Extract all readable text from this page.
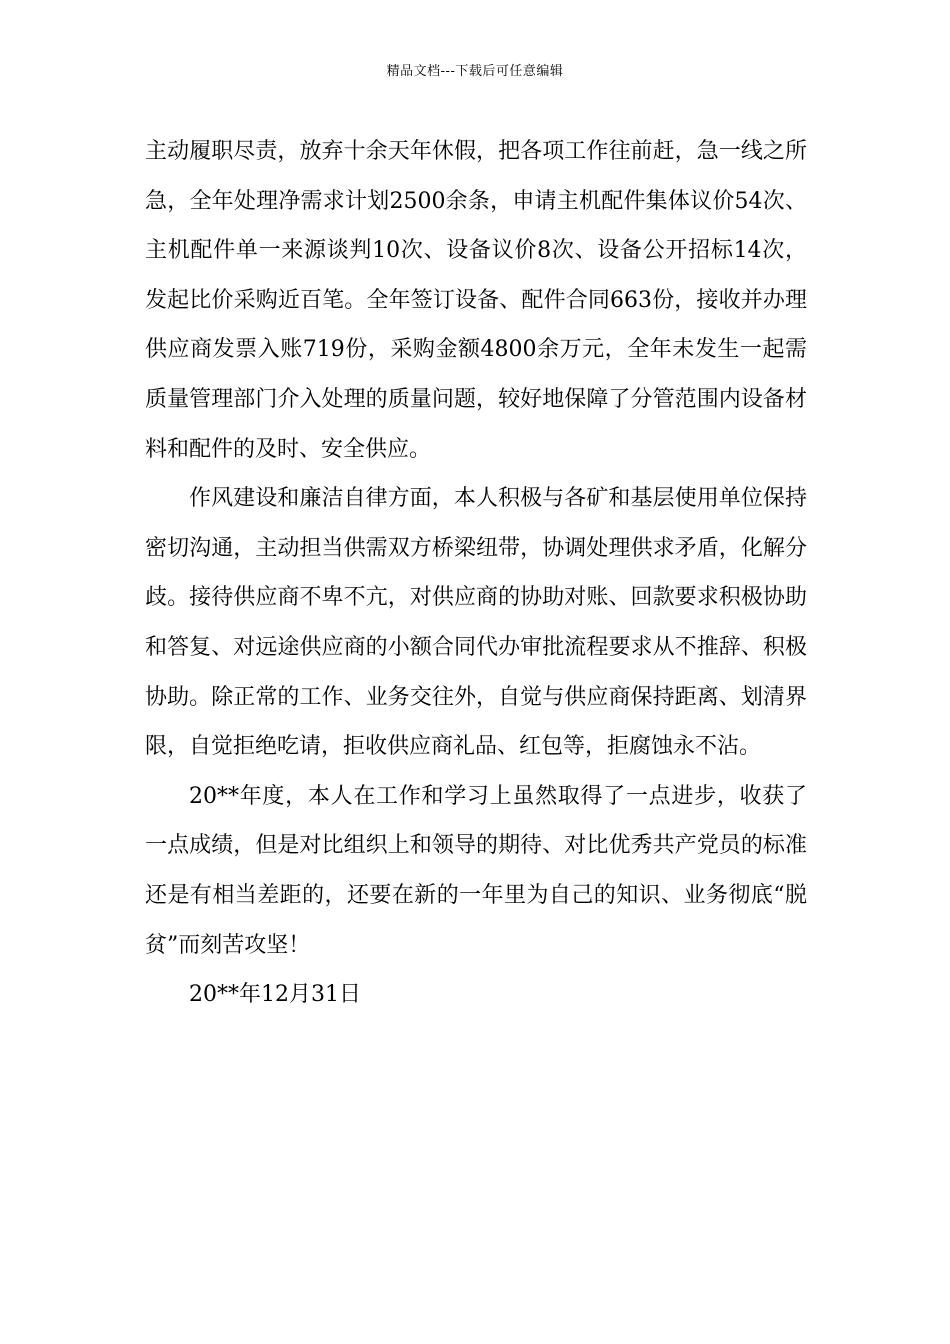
精品文档---下载后可任意编辑

主动履职尽责，放弃十余天年休假，把各项工作往前赶，急一线之所急，全年处理净需求计划2500余条，申请主机配件集体议价54次、主机配件单一来源谈判10次、设备议价8次、设备公开招标14次，发起比价采购近百笔。全年签订设备、配件合同663份，接收并办理供应商发票入账719份，采购金额4800余万元，全年未发生一起需质量管理部门介入处理的质量问题，较好地保障了分管范围内设备材料和配件的及时、安全供应。

作风建设和廉洁自律方面，本人积极与各矿和基层使用单位保持密切沟通，主动担当供需双方桥梁纽带，协调处理供求矛盾，化解分歧。接待供应商不卑不亢，对供应商的协助对账、回款要求积极协助和答复、对远途供应商的小额合同代办审批流程要求从不推辞、积极协助。除正常的工作、业务交往外，自觉与供应商保持距离、划清界限，自觉拒绝吃请，拒收供应商礼品、红包等，拒腐蚀永不沾。

20**年度，本人在工作和学习上虽然取得了一点进步，收获了一点成绩，但是对比组织上和领导的期待、对比优秀共产党员的标准还是有相当差距的，还要在新的一年里为自己的知识、业务彻底“脱贫”而刻苦攻坚！

20**年12月31日
